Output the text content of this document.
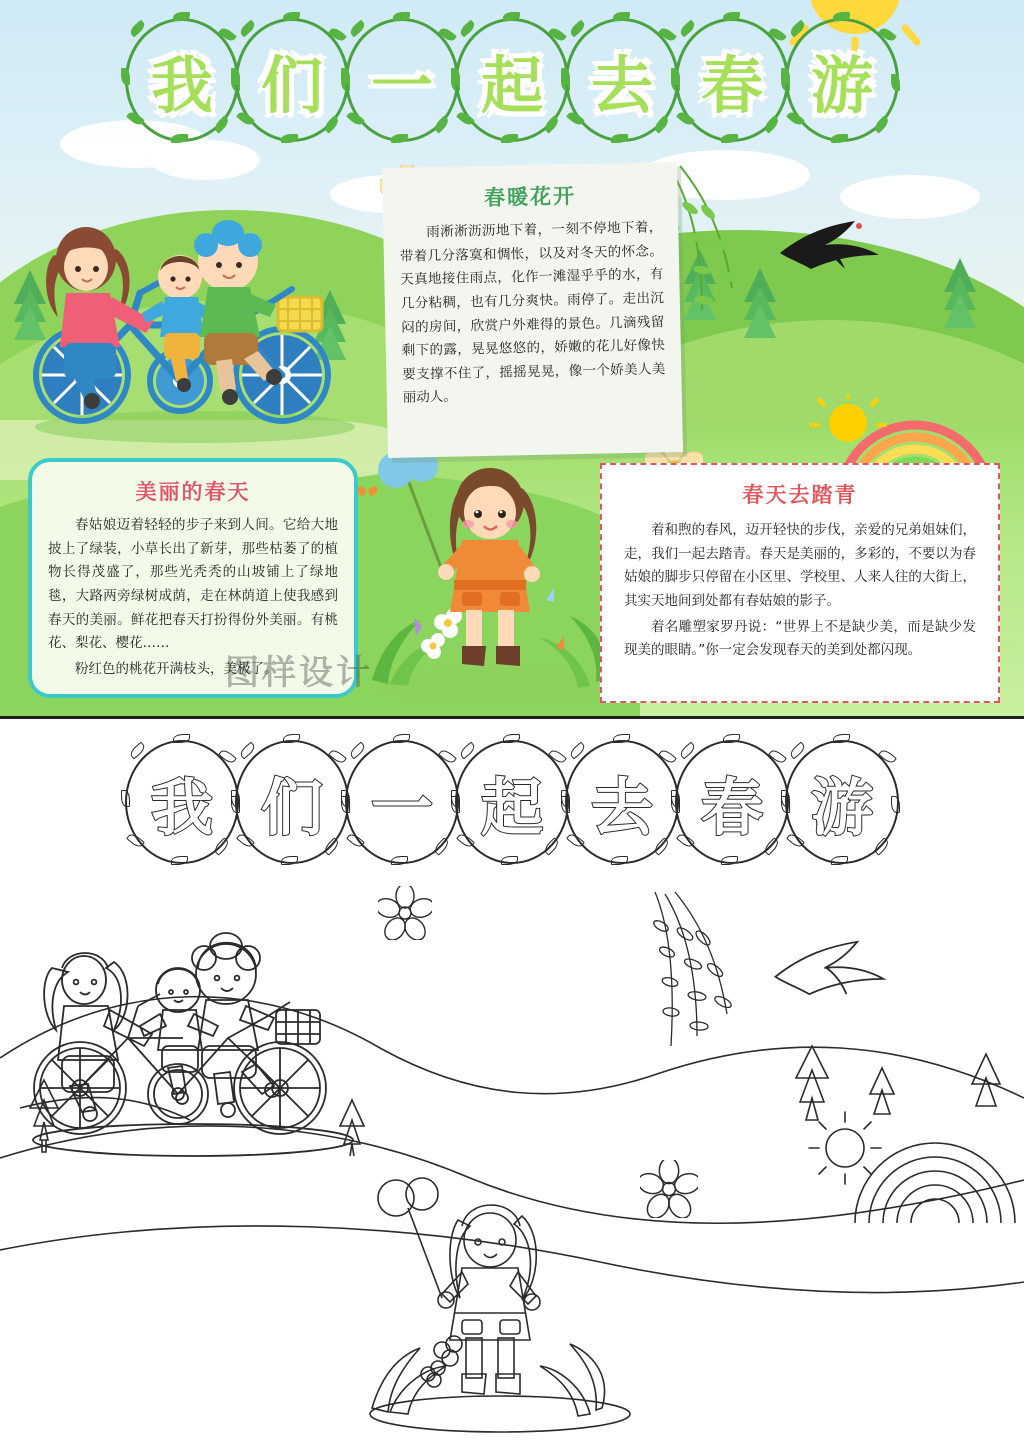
春暖花开

雨淅淅沥沥地下着，一刻不停地下着，带着几分落寞和惆怅，以及对冬天的怀念。天真地接住雨点，化作一滩湿乎乎的水，有几分粘稠，也有几分爽快。雨停了。走出沉闷的房间，欣赏户外难得的景色。几滴残留剩下的露，晃晃悠悠的，娇嫩的花儿好像快要支撑不住了，摇摇晃晃，像一个娇美人美丽动人。

美丽的春天

春姑娘迈着轻轻的步子来到人间。它给大地披上了绿装，小草长出了新芽，那些枯萎了的植物长得茂盛了，那些光秃秃的山坡铺上了绿地毯，大路两旁绿树成荫，走在林荫道上使我感到春天的美丽。鲜花把春天打扮得份外美丽。有桃花、梨花、樱花……

粉红色的桃花开满枝头，美极了。

春天去踏青

着和煦的春风，迈开轻快的步伐，亲爱的兄弟姐妹们，走，我们一起去踏青。春天是美丽的，多彩的，不要以为春姑娘的脚步只停留在小区里、学校里、人来人往的大街上，其实天地间到处都有春姑娘的影子。

着名雕塑家罗丹说：“世界上不是缺少美，而是缺少发现美的眼睛。”你一定会发现春天的美到处都闪现。

图样设计
我 们 一 起 去 春 游
我 们 一 起 去 春 游
